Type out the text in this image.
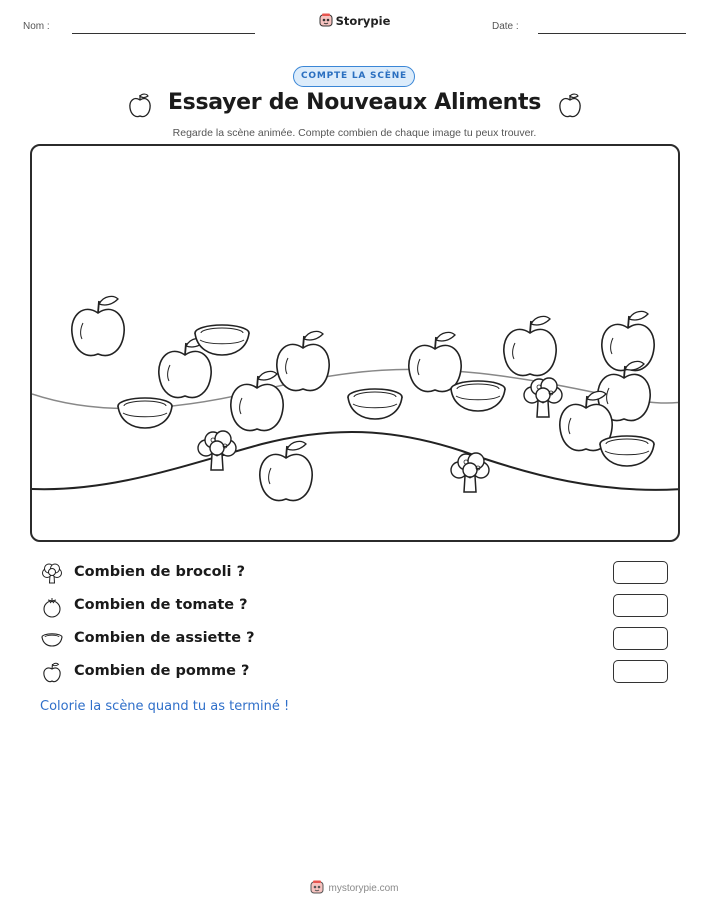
Nom :	Date :
Storypie
COMPTE LA SCÈNE
Essayer de Nouveaux Aliments
Regarde la scène animée. Compte combien de chaque image tu peux trouver.
Combien de brocoli ?
Combien de tomate ?
Combien de assiette ?
Combien de pomme ?
Colorie la scène quand tu as terminé !
mystorypie.com
